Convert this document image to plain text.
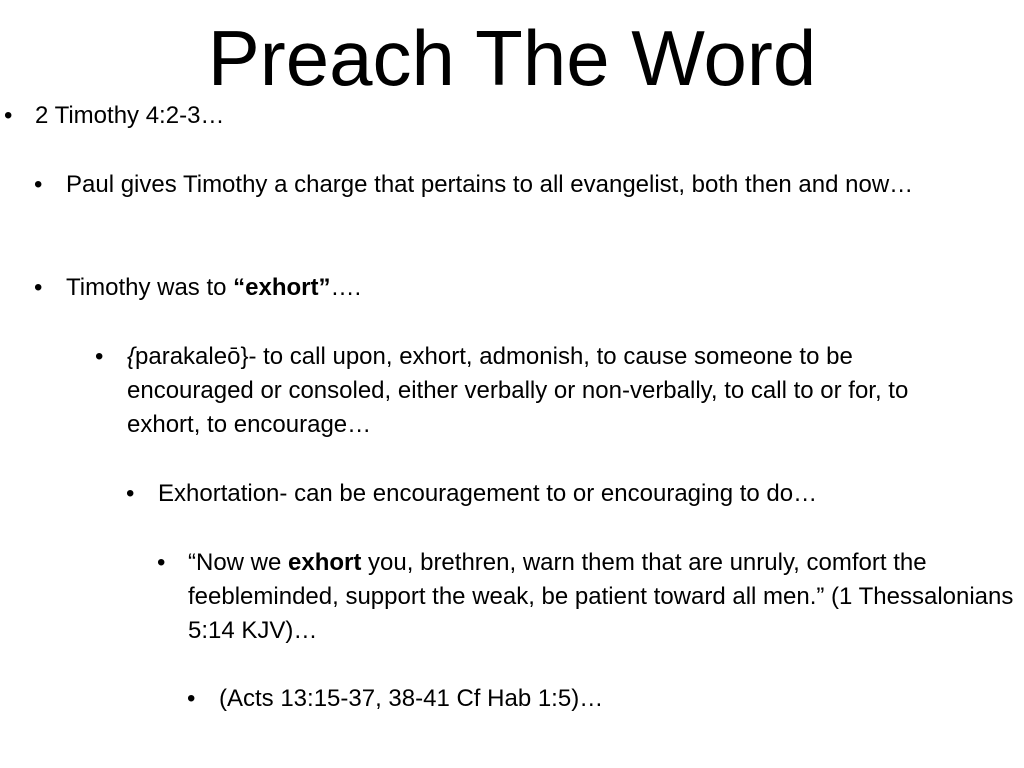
Preach The Word
• 2 Timothy 4:2-3…

• Paul gives Timothy a charge that pertains to all evangelist, both then and now…

• Timothy was to “exhort”….

• {parakaleō}- to call upon, exhort, admonish, to cause someone to be encouraged or consoled, either verbally or non-verbally, to call to or for, to exhort, to encourage…

• Exhortation- can be encouragement to or encouraging to do…

• “Now we exhort you, brethren, warn them that are unruly, comfort the feebleminded, support the weak, be patient toward all men.” (1 Thessalonians 5:14 KJV)…

• (Acts 13:15-37, 38-41 Cf Hab 1:5)…
